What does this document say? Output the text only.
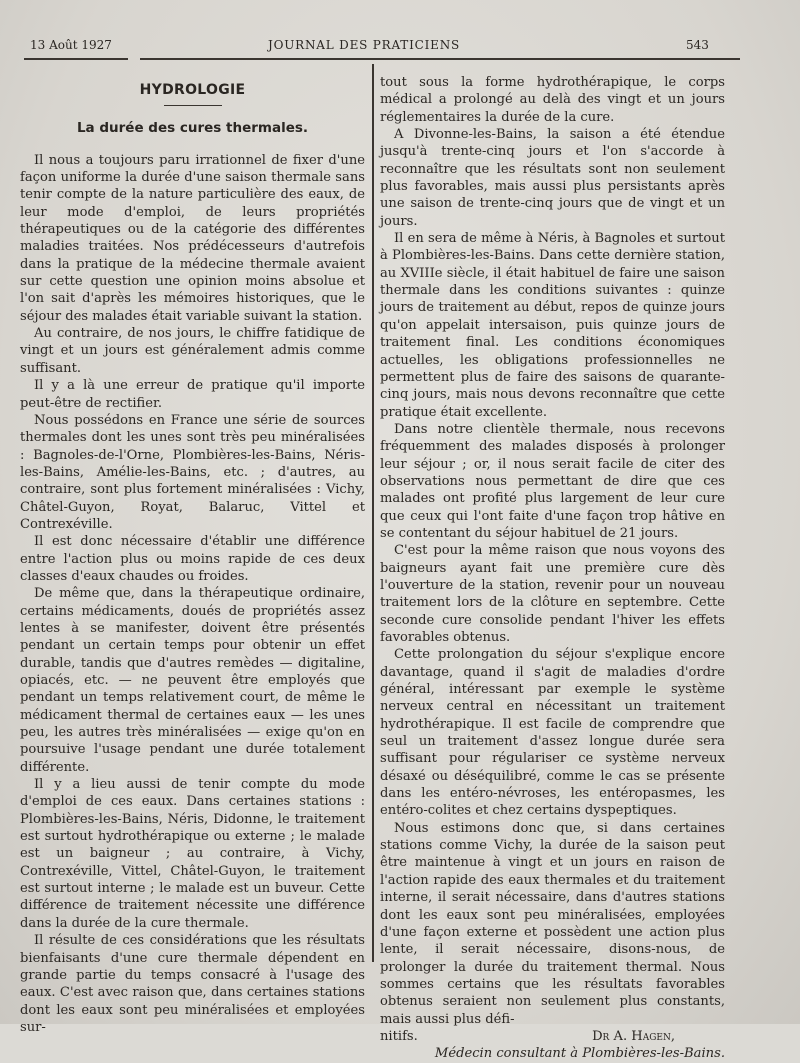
13 Août 1927	JOURNAL DES PRATICIENS	543
HYDROLOGIE
La durée des cures thermales.

Il nous a toujours paru irrationnel de fixer d'une façon uniforme la durée d'une saison thermale sans tenir compte de la nature particulière des eaux, de leur mode d'emploi, de leurs propriétés thérapeutiques ou de la catégorie des différentes maladies traitées. Nos prédécesseurs d'autrefois dans la pratique de la médecine thermale avaient sur cette question une opinion moins absolue et l'on sait d'après les mémoires historiques, que le séjour des malades était variable suivant la station.

Au contraire, de nos jours, le chiffre fatidique de vingt et un jours est généralement admis comme suffisant.

Il y a là une erreur de pratique qu'il importe peut-être de rectifier.

Nous possédons en France une série de sources thermales dont les unes sont très peu minéralisées : Bagnoles-de-l'Orne, Plombières-les-Bains, Néris-les-Bains, Amélie-les-Bains, etc. ; d'autres, au contraire, sont plus fortement minéralisées : Vichy, Châtel-Guyon, Royat, Balaruc, Vittel et Contrexéville.

Il est donc nécessaire d'établir une différence entre l'action plus ou moins rapide de ces deux classes d'eaux chaudes ou froides.

De même que, dans la thérapeutique ordinaire, certains médicaments, doués de propriétés assez lentes à se manifester, doivent être présentés pendant un certain temps pour obtenir un effet durable, tandis que d'autres remèdes — digitaline, opiacés, etc. — ne peuvent être employés que pendant un temps relativement court, de même le médicament thermal de certaines eaux — les unes peu, les autres très minéralisées — exige qu'on en poursuive l'usage pendant une durée totalement différente.

Il y a lieu aussi de tenir compte du mode d'emploi de ces eaux. Dans certaines stations : Plombières-les-Bains, Néris, Didonne, le traitement est surtout hydrothérapique ou externe ; le malade est un baigneur ; au contraire, à Vichy, Contrexéville, Vittel, Châtel-Guyon, le traitement est surtout interne ; le malade est un buveur. Cette différence de traitement nécessite une différence dans la durée de la cure thermale.

Il résulte de ces considérations que les résultats bienfaisants d'une cure thermale dépendent en grande partie du temps consacré à l'usage des eaux. C'est avec raison que, dans certaines stations dont les eaux sont peu minéralisées et employées sur-

tout sous la forme hydrothérapique, le corps médical a prolongé au delà des vingt et un jours réglementaires la durée de la cure.

A Divonne-les-Bains, la saison a été étendue jusqu'à trente-cinq jours et l'on s'accorde à reconnaître que les résultats sont non seulement plus favorables, mais aussi plus persistants après une saison de trente-cinq jours que de vingt et un jours.

Il en sera de même à Néris, à Bagnoles et surtout à Plombières-les-Bains. Dans cette dernière station, au XVIIIe siècle, il était habituel de faire une saison thermale dans les conditions suivantes : quinze jours de traitement au début, repos de quinze jours qu'on appelait intersaison, puis quinze jours de traitement final. Les conditions économiques actuelles, les obligations professionnelles ne permettent plus de faire des saisons de quarante-cinq jours, mais nous devons reconnaître que cette pratique était excellente.

Dans notre clientèle thermale, nous recevons fréquemment des malades disposés à prolonger leur séjour ; or, il nous serait facile de citer des observations nous permettant de dire que ces malades ont profité plus largement de leur cure que ceux qui l'ont faite d'une façon trop hâtive en se contentant du séjour habituel de 21 jours.

C'est pour la même raison que nous voyons des baigneurs ayant fait une première cure dès l'ouverture de la station, revenir pour un nouveau traitement lors de la clôture en septembre. Cette seconde cure consolide pendant l'hiver les effets favorables obtenus.

Cette prolongation du séjour s'explique encore davantage, quand il s'agit de maladies d'ordre général, intéressant par exemple le système nerveux central en nécessitant un traitement hydrothérapique. Il est facile de comprendre que seul un traitement d'assez longue durée sera suffisant pour régulariser ce système nerveux désaxé ou déséquilibré, comme le cas se présente dans les entéro-névroses, les entéropasmes, les entéro-colites et chez certains dyspeptiques.

Nous estimons donc que, si dans certaines stations comme Vichy, la durée de la saison peut être maintenue à vingt et un jours en raison de l'action rapide des eaux thermales et du traitement interne, il serait nécessaire, dans d'autres stations dont les eaux sont peu minéralisées, employées d'une façon externe et possèdent une action plus lente, il serait nécessaire, disons-nous, de prolonger la durée du traitement thermal. Nous sommes certains que les résultats favorables obtenus seraient non seulement plus constants, mais aussi plus défi-

nitifs.	Dr A. Hagen,
Médecin consultant à Plombières-les-Bains.
